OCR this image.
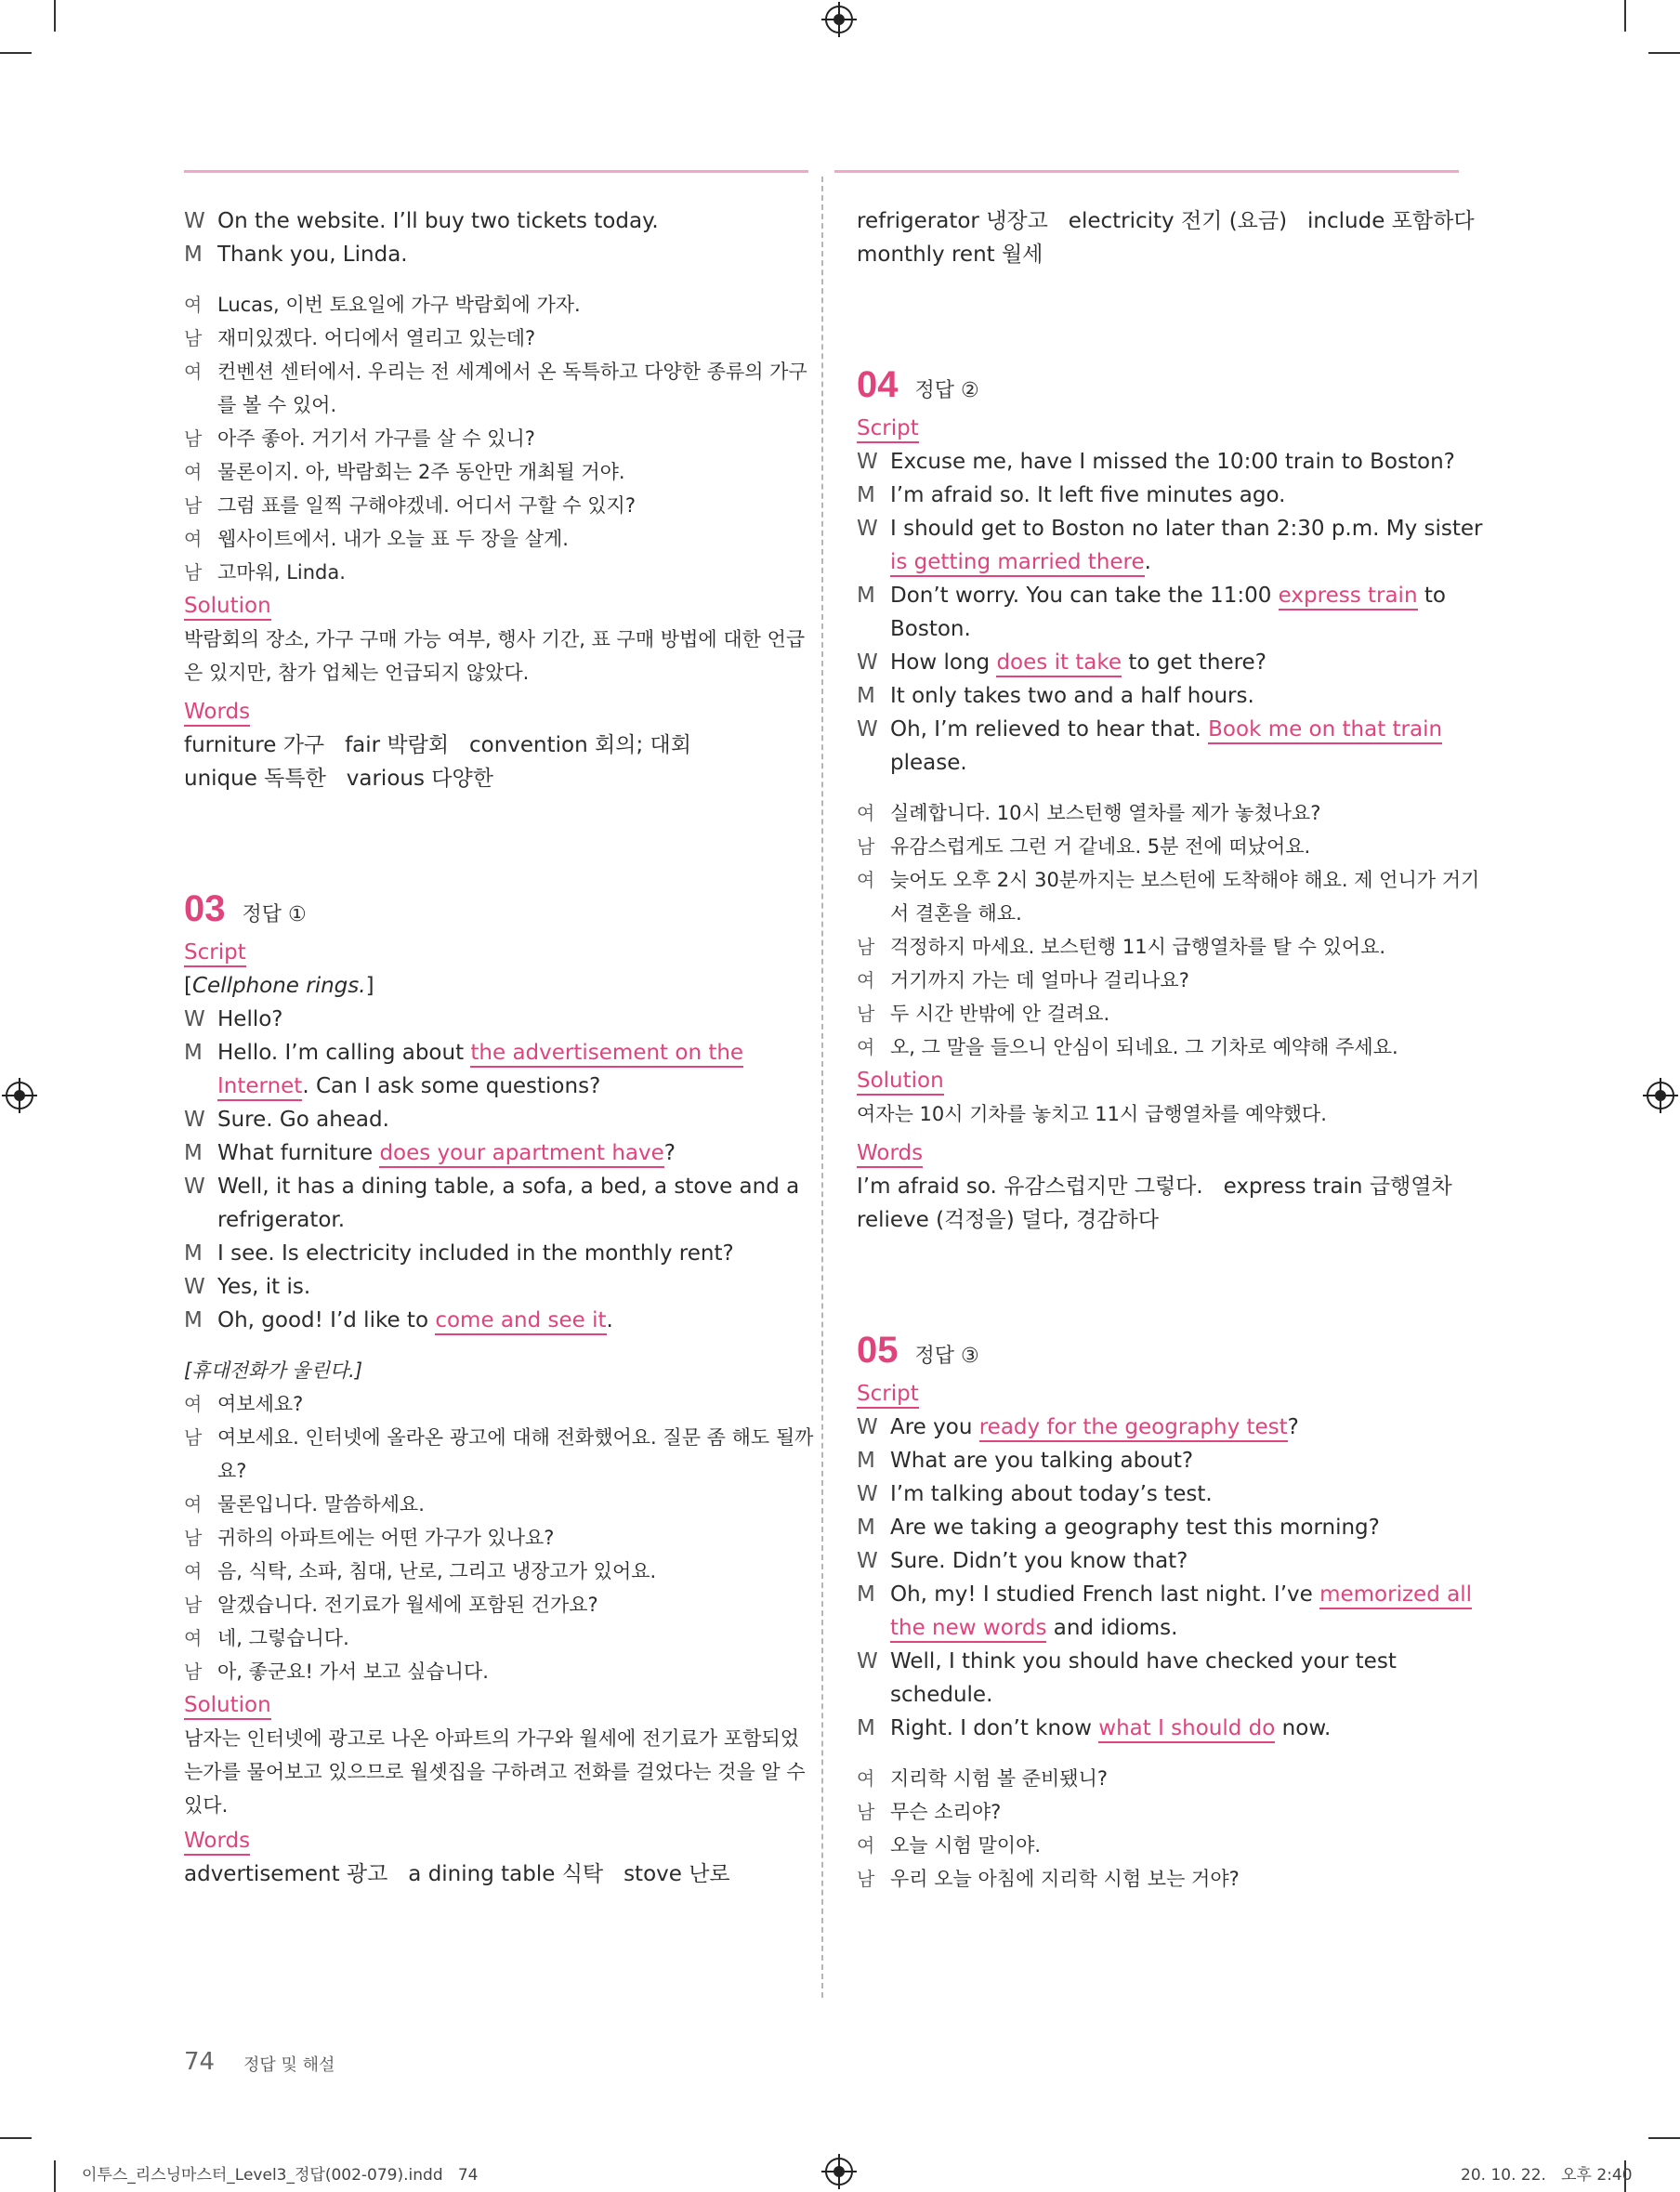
W On the website. I’ll buy two tickets today.
M Thank you, Linda.
여 Lucas, 이번 토요일에 가구 박람회에 가자.
남 재미있겠다. 어디에서 열리고 있는데?
여 컨벤션 센터에서. 우리는 전 세계에서 온 독특하고 다양한 종류의 가구
를 볼 수 있어.
남 아주 좋아. 거기서 가구를 살 수 있니?
여 물론이지. 아, 박람회는 2주 동안만 개최될 거야.
남 그럼 표를 일찍 구해야겠네. 어디서 구할 수 있지?
여 웹사이트에서. 내가 오늘 표 두 장을 살게.
남 고마워, Linda.
Solution
박람회의 장소, 가구 구매 가능 여부, 행사 기간, 표 구매 방법에 대한 언급
은 있지만, 참가 업체는 언급되지 않았다.
Words
furniture 가구   fair 박람회   convention 회의; 대회
unique 독특한   various 다양한
03 정답 ①
Script
[Cellphone rings.]
W Hello?
M Hello. I’m calling about the advertisement on the
Internet. Can I ask some questions?
W Sure. Go ahead.
M What furniture does your apartment have?
W Well, it has a dining table, a sofa, a bed, a stove and a
refrigerator.
M I see. Is electricity included in the monthly rent?
W Yes, it is.
M Oh, good! I’d like to come and see it.
[휴대전화가 울린다.]
여 여보세요?
남 여보세요. 인터넷에 올라온 광고에 대해 전화했어요. 질문 좀 해도 될까
요?
여 물론입니다. 말씀하세요.
남 귀하의 아파트에는 어떤 가구가 있나요?
여 음, 식탁, 소파, 침대, 난로, 그리고 냉장고가 있어요.
남 알겠습니다. 전기료가 월세에 포함된 건가요?
여 네, 그렇습니다.
남 아, 좋군요! 가서 보고 싶습니다.
Solution
남자는 인터넷에 광고로 나온 아파트의 가구와 월세에 전기료가 포함되었
는가를 물어보고 있으므로 월셋집을 구하려고 전화를 걸었다는 것을 알 수
있다.
Words
advertisement 광고   a dining table 식탁   stove 난로
refrigerator 냉장고   electricity 전기 (요금)   include 포함하다
monthly rent 월세
04 정답 ②
Script
W Excuse me, have I missed the 10:00 train to Boston?
M I’m afraid so. It left five minutes ago.
W I should get to Boston no later than 2:30 p.m. My sister
is getting married there.
M Don’t worry. You can take the 11:00 express train to
Boston.
W How long does it take to get there?
M It only takes two and a half hours.
W Oh, I’m relieved to hear that. Book me on that train
please.
여 실례합니다. 10시 보스턴행 열차를 제가 놓쳤나요?
남 유감스럽게도 그런 거 같네요. 5분 전에 떠났어요.
여 늦어도 오후 2시 30분까지는 보스턴에 도착해야 해요. 제 언니가 거기
서 결혼을 해요.
남 걱정하지 마세요. 보스턴행 11시 급행열차를 탈 수 있어요.
여 거기까지 가는 데 얼마나 걸리나요?
남 두 시간 반밖에 안 걸려요.
여 오, 그 말을 들으니 안심이 되네요. 그 기차로 예약해 주세요.
Solution
여자는 10시 기차를 놓치고 11시 급행열차를 예약했다.
Words
I’m afraid so. 유감스럽지만 그렇다.   express train 급행열차
relieve (걱정을) 덜다, 경감하다
05 정답 ③
Script
W Are you ready for the geography test?
M What are you talking about?
W I’m talking about today’s test.
M Are we taking a geography test this morning?
W Sure. Didn’t you know that?
M Oh, my! I studied French last night. I’ve memorized all
the new words and idioms.
W Well, I think you should have checked your test
schedule.
M Right. I don’t know what I should do now.
여 지리학 시험 볼 준비됐니?
남 무슨 소리야?
여 오늘 시험 말이야.
남 우리 오늘 아침에 지리학 시험 보는 거야?
74 정답 및 해설
이투스_리스닝마스터_Level3_정답(002-079).indd   74	20. 10. 22.   오후 2:40
